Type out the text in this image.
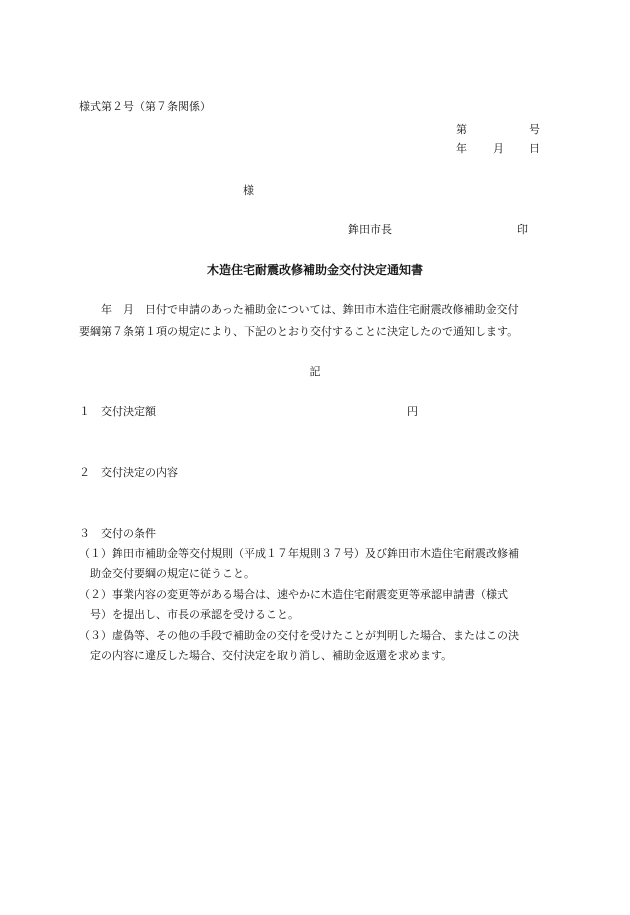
様式第２号（第７条関係）
第	号
年 月 日
様
鉾田市長	印
木造住宅耐震改修補助金交付決定通知書
年　月　日付で申請のあった補助金については、鉾田市木造住宅耐震改修補助金交付
要綱第７条第１項の規定により、下記のとおり交付することに決定したので通知します。
記
１　交付決定額	円
２　交付決定の内容
３　交付の条件
（１）鉾田市補助金等交付規則（平成１７年規則３７号）及び鉾田市木造住宅耐震改修補
助金交付要綱の規定に従うこと。
（２）事業内容の変更等がある場合は、速やかに木造住宅耐震変更等承認申請書（様式
号）を提出し、市長の承認を受けること。
（３）虚偽等、その他の手段で補助金の交付を受けたことが判明した場合、またはこの決
定の内容に違反した場合、交付決定を取り消し、補助金返還を求めます。
